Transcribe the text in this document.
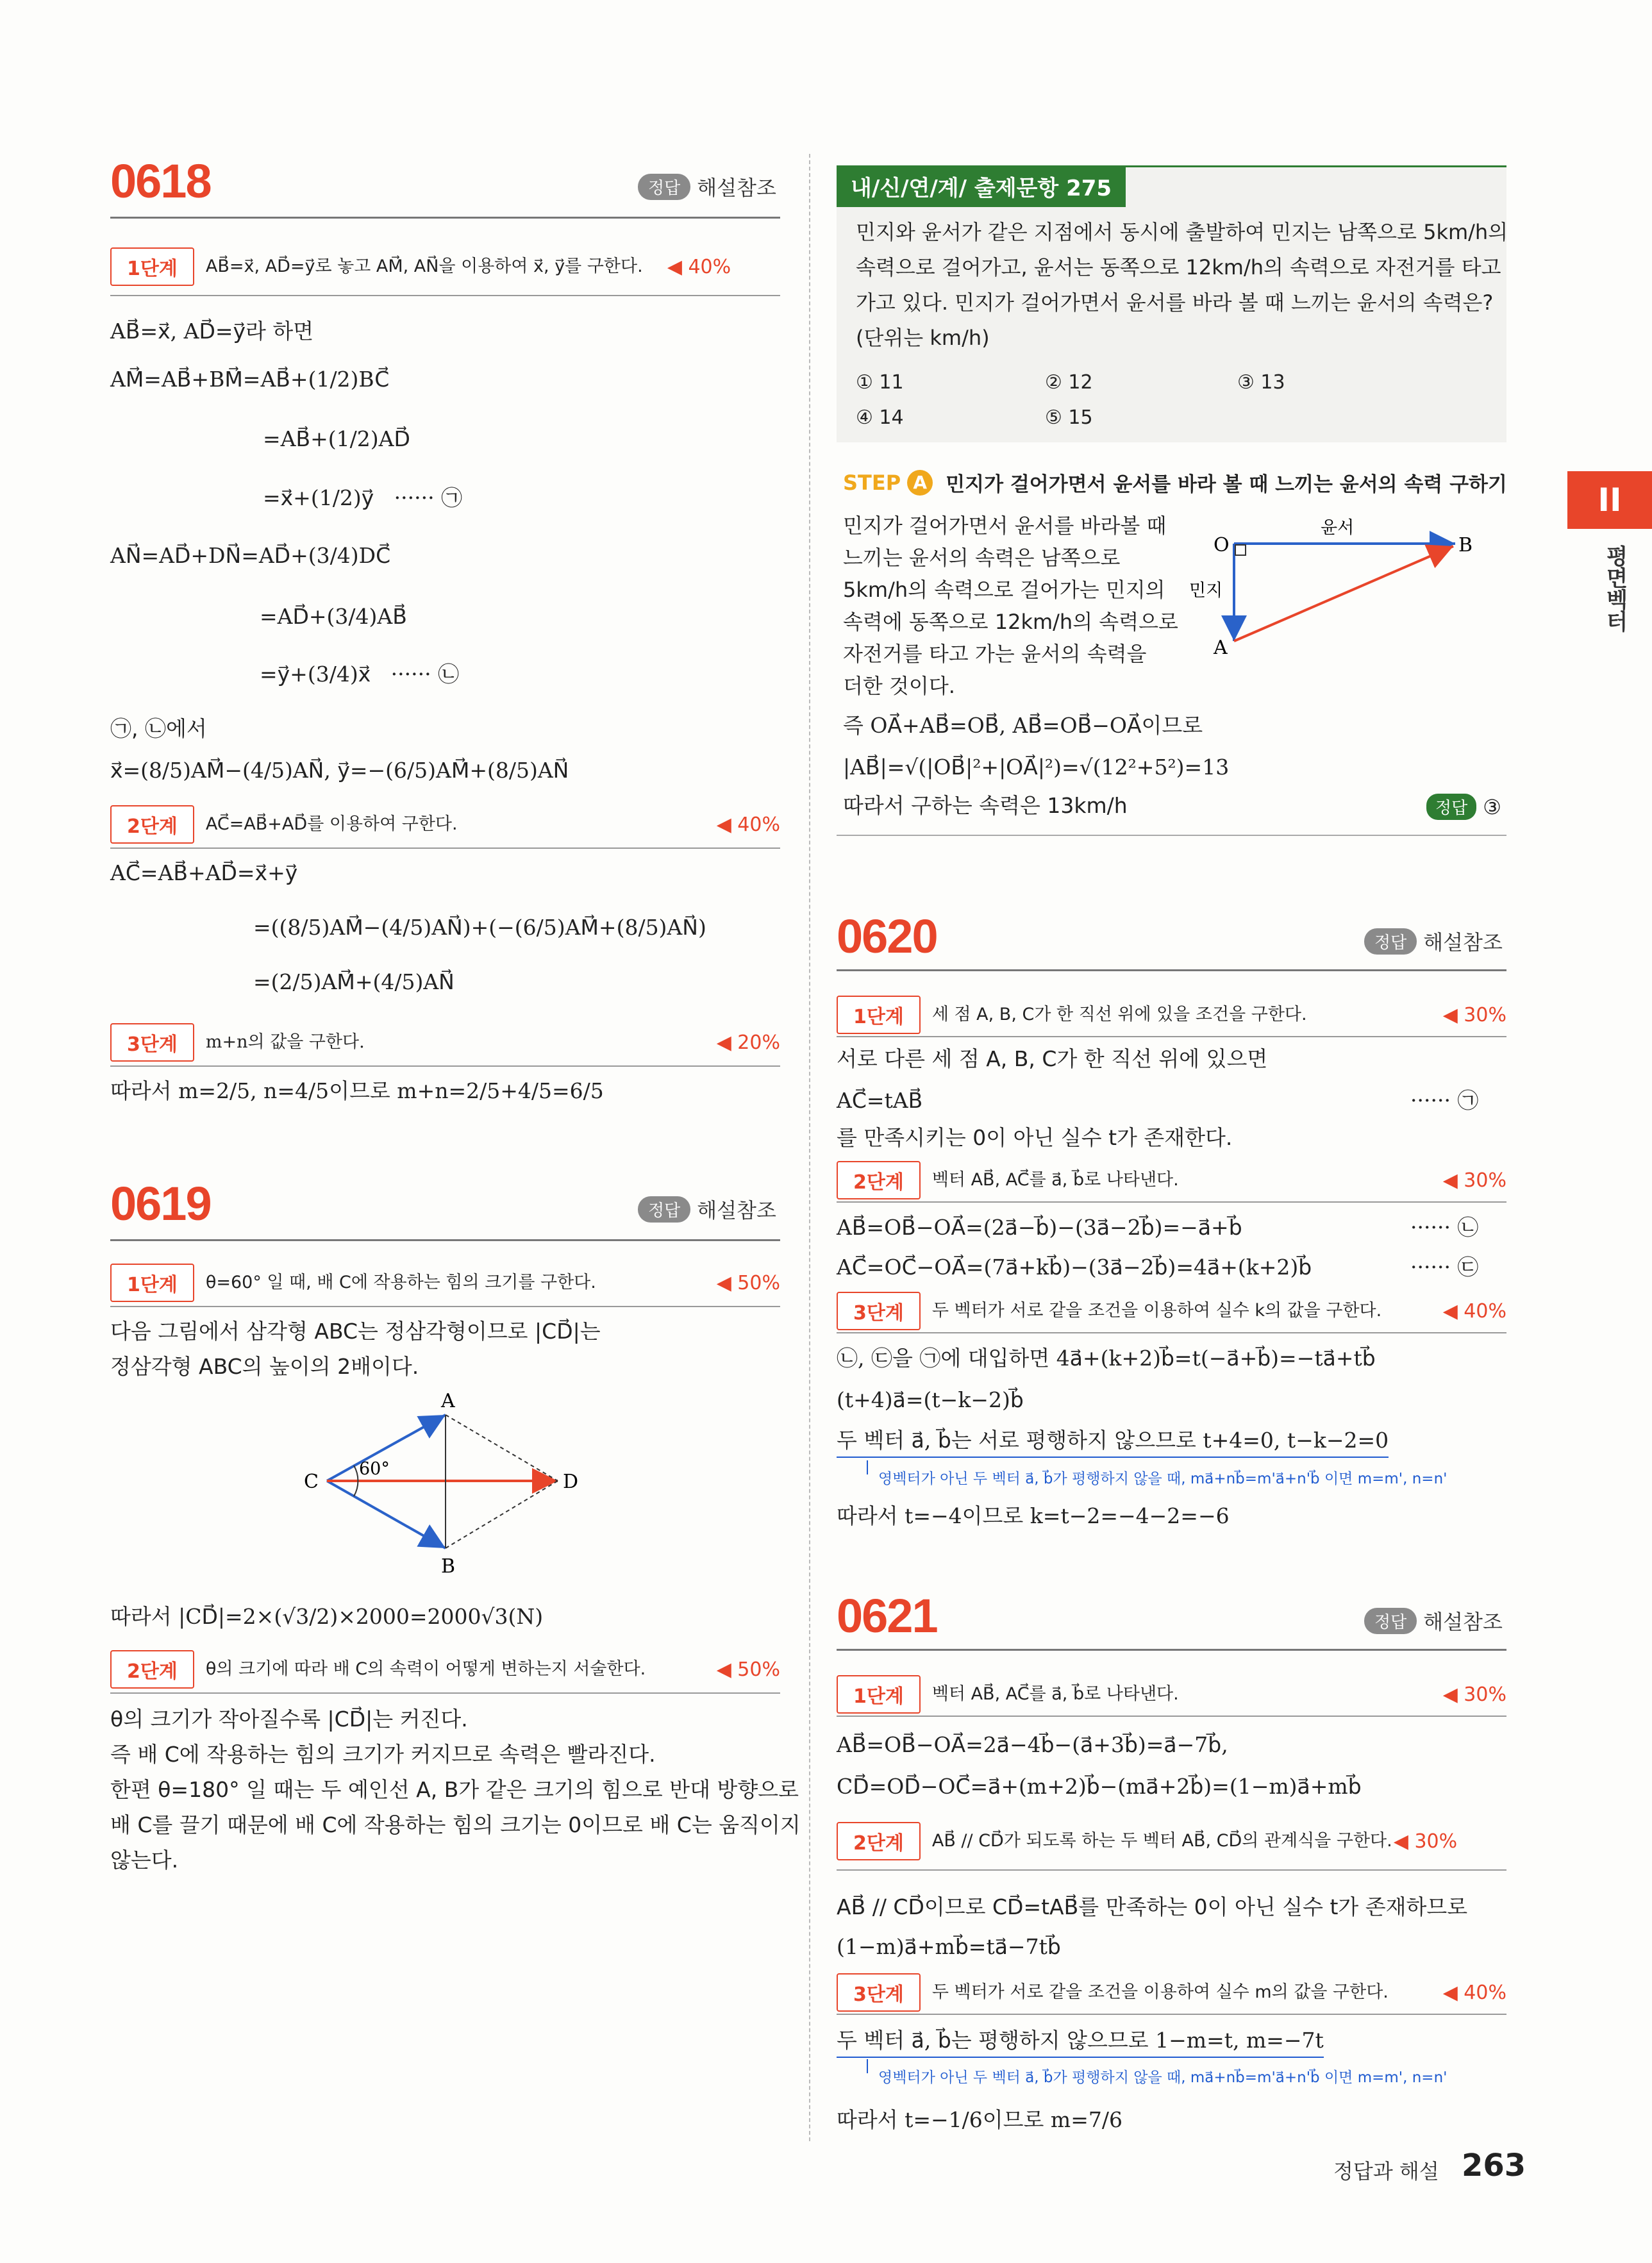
0618	정답 해설참조
1단계	AB⃗=x⃗, AD⃗=y⃗로 놓고 AM⃗, AN⃗을 이용하여 x⃗, y⃗를 구한다.	◀ 40%
AB⃗=x⃗, AD⃗=y⃗라 하면
AM⃗=AB⃗+BM⃗=AB⃗+(1/2)BC⃗
=AB⃗+(1/2)AD⃗
=x⃗+(1/2)y⃗   ······ ㉠
AN⃗=AD⃗+DN⃗=AD⃗+(3/4)DC⃗
=AD⃗+(3/4)AB⃗
=y⃗+(3/4)x⃗   ······ ㉡
㉠, ㉡에서
x⃗=(8/5)AM⃗−(4/5)AN⃗, y⃗=−(6/5)AM⃗+(8/5)AN⃗
2단계	AC⃗=AB⃗+AD⃗를 이용하여 구한다.	◀ 40%
AC⃗=AB⃗+AD⃗=x⃗+y⃗
=((8/5)AM⃗−(4/5)AN⃗)+(−(6/5)AM⃗+(8/5)AN⃗)
=(2/5)AM⃗+(4/5)AN⃗
3단계	m+n의 값을 구한다.	◀ 20%
따라서 m=2/5, n=4/5이므로 m+n=2/5+4/5=6/5
0619	정답 해설참조
1단계	θ=60° 일 때, 배 C에 작용하는 힘의 크기를 구한다.	◀ 50%
다음 그림에서 삼각형 ABC는 정삼각형이므로 |CD⃗|는
정삼각형 ABC의 높이의 2배이다.
A
B
C	D
60°
따라서 |CD⃗|=2×(√3/2)×2000=2000√3(N)
2단계	θ의 크기에 따라 배 C의 속력이 어떻게 변하는지 서술한다.	◀ 50%
θ의 크기가 작아질수록 |CD⃗|는 커진다.
즉 배 C에 작용하는 힘의 크기가 커지므로 속력은 빨라진다.
한편 θ=180° 일 때는 두 예인선 A, B가 같은 크기의 힘으로 반대 방향으로
배 C를 끌기 때문에 배 C에 작용하는 힘의 크기는 0이므로 배 C는 움직이지
않는다.
내/신/연/계/ 출제문항 275
민지와 윤서가 같은 지점에서 동시에 출발하여 민지는 남쪽으로 5km/h의
속력으로 걸어가고, 윤서는 동쪽으로 12km/h의 속력으로 자전거를 타고
가고 있다. 민지가 걸어가면서 윤서를 바라 볼 때 느끼는 윤서의 속력은?
(단위는 km/h)
① 11	② 12	③ 13
④ 14	⑤ 15
STEP A 민지가 걸어가면서 윤서를 바라 볼 때 느끼는 윤서의 속력 구하기
민지가 걸어가면서 윤서를 바라볼 때
느끼는 윤서의 속력은 남쪽으로
5km/h의 속력으로 걸어가는 민지의
속력에 동쪽으로 12km/h의 속력으로
자전거를 타고 가는 윤서의 속력을
더한 것이다.
O	B
A
민지
윤서
즉 OA⃗+AB⃗=OB⃗, AB⃗=OB⃗−OA⃗이므로
|AB⃗|=√(|OB⃗|²+|OA⃗|²)=√(12²+5²)=13
따라서 구하는 속력은 13km/h	정답 ③
0620	정답 해설참조
1단계	세 점 A, B, C가 한 직선 위에 있을 조건을 구한다.	◀ 30%
서로 다른 세 점 A, B, C가 한 직선 위에 있으면
AC⃗=tAB⃗	······ ㉠
를 만족시키는 0이 아닌 실수 t가 존재한다.
2단계	벡터 AB⃗, AC⃗를 a⃗, b⃗로 나타낸다.	◀ 30%
AB⃗=OB⃗−OA⃗=(2a⃗−b⃗)−(3a⃗−2b⃗)=−a⃗+b⃗	······ ㉡
AC⃗=OC⃗−OA⃗=(7a⃗+kb⃗)−(3a⃗−2b⃗)=4a⃗+(k+2)b⃗	······ ㉢
3단계	두 벡터가 서로 같을 조건을 이용하여 실수 k의 값을 구한다.	◀ 40%
㉡, ㉢을 ㉠에 대입하면 4a⃗+(k+2)b⃗=t(−a⃗+b⃗)=−ta⃗+tb⃗
(t+4)a⃗=(t−k−2)b⃗
두 벡터 a⃗, b⃗는 서로 평행하지 않으므로 t+4=0, t−k−2=0
영벡터가 아닌 두 벡터 a⃗, b⃗가 평행하지 않을 때, ma⃗+nb⃗=m'a⃗+n'b⃗ 이면 m=m', n=n'
따라서 t=−4이므로 k=t−2=−4−2=−6
0621	정답 해설참조
1단계	벡터 AB⃗, AC⃗를 a⃗, b⃗로 나타낸다.	◀ 30%
AB⃗=OB⃗−OA⃗=2a⃗−4b⃗−(a⃗+3b⃗)=a⃗−7b⃗,
CD⃗=OD⃗−OC⃗=a⃗+(m+2)b⃗−(ma⃗+2b⃗)=(1−m)a⃗+mb⃗
2단계	AB⃗ // CD⃗가 되도록 하는 두 벡터 AB⃗, CD⃗의 관계식을 구한다. ◀ 30%
AB⃗ // CD⃗이므로 CD⃗=tAB⃗를 만족하는 0이 아닌 실수 t가 존재하므로
(1−m)a⃗+mb⃗=ta⃗−7tb⃗
3단계	두 벡터가 서로 같을 조건을 이용하여 실수 m의 값을 구한다.	◀ 40%
두 벡터 a⃗, b⃗는 평행하지 않으므로 1−m=t, m=−7t
영벡터가 아닌 두 벡터 a⃗, b⃗가 평행하지 않을 때, ma⃗+nb⃗=m'a⃗+n'b⃗ 이면 m=m', n=n'
따라서 t=−1/6이므로 m=7/6
II
평면벡터
정답과 해설 263
